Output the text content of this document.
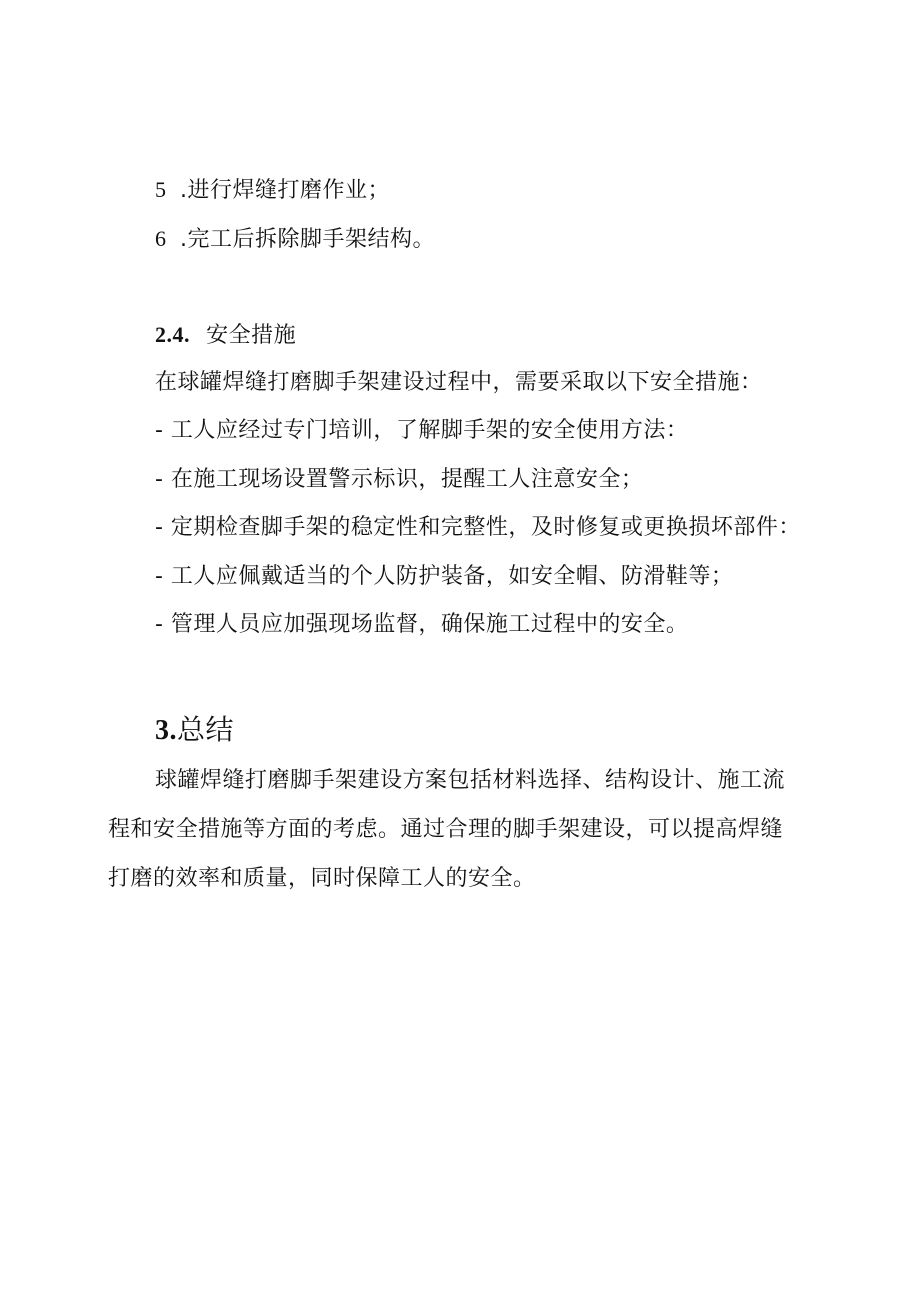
5 .进行焊缝打磨作业；
6 .完工后拆除脚手架结构。
2.4. 安全措施
在球罐焊缝打磨脚手架建设过程中，需要采取以下安全措施：
- 工人应经过专门培训，了解脚手架的安全使用方法：
- 在施工现场设置警示标识，提醒工人注意安全；
- 定期检查脚手架的稳定性和完整性，及时修复或更换损坏部件：
- 工人应佩戴适当的个人防护装备，如安全帽、防滑鞋等；
- 管理人员应加强现场监督，确保施工过程中的安全。
3.总结
球罐焊缝打磨脚手架建设方案包括材料选择、结构设计、施工流
程和安全措施等方面的考虑。通过合理的脚手架建设，可以提高焊缝
打磨的效率和质量，同时保障工人的安全。
